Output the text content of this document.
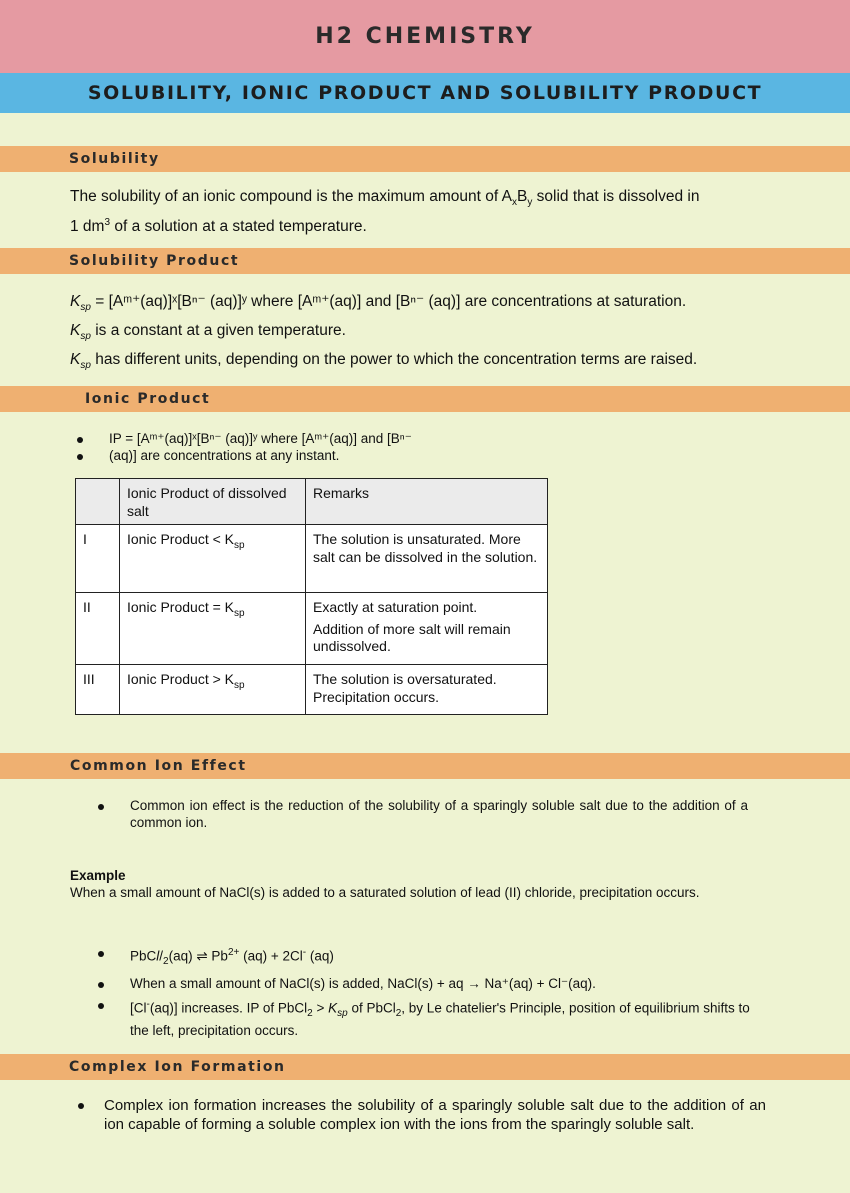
H2 CHEMISTRY
SOLUBILITY, IONIC PRODUCT AND SOLUBILITY PRODUCT
Solubility
The solubility of an ionic compound is the maximum amount of $A_xB_y$ solid that is dissolved in
1 $dm^3$ of a solution at a stated temperature.
Solubility Product
$K_{sp}$ = [Aᵐ⁺(aq)]ˣ[Bⁿ⁻ (aq)]ʸ where [Aᵐ⁺(aq)] and [Bⁿ⁻ (aq)] are concentrations at saturation.
$K_{sp}$ is a constant at a given temperature.
$K_{sp}$ has different units, depending on the power to which the concentration terms are raised.
Ionic Product
IP = [Aᵐ⁺(aq)]ˣ[Bⁿ⁻ (aq)]ʸ where [Aᵐ⁺(aq)] and [Bⁿ⁻
(aq)] are concentrations at any instant.
	Ionic Product of dissolved salt	Remarks
I	Ionic Product < $K_{sp}$	The solution is unsaturated. More salt can be dissolved in the solution.

II	Ionic Product = $K_{sp}$	Exactly at saturation point.
Addition of more salt will remain undissolved.

III	Ionic Product > $K_{sp}$	The solution is oversaturated. Precipitation occurs.
Common Ion Effect
Common ion effect is the reduction of the solubility of a sparingly soluble salt due to the addition of a common ion.
Example
When a small amount of NaCl(s) is added to a saturated solution of lead (II) chloride, precipitation occurs.
PbCl/$_2(aq)$ ⇌ $Pb^{2+}$ (aq) + 2Cl- (aq)
When a small amount of NaCl(s) is added, NaCl(s) + aq → Na⁺(aq) + Cl⁻(aq).
[Cl-(aq)] increases. IP of PbCl$_2$ > $K_{sp}$ of PbCl$_2$, by Le chatelier's Principle, position of equilibrium shifts to the left, precipitation occurs.
Complex Ion Formation
Complex ion formation increases the solubility of a sparingly soluble salt due to the addition of an ion capable of forming a soluble complex ion with the ions from the sparingly soluble salt.
